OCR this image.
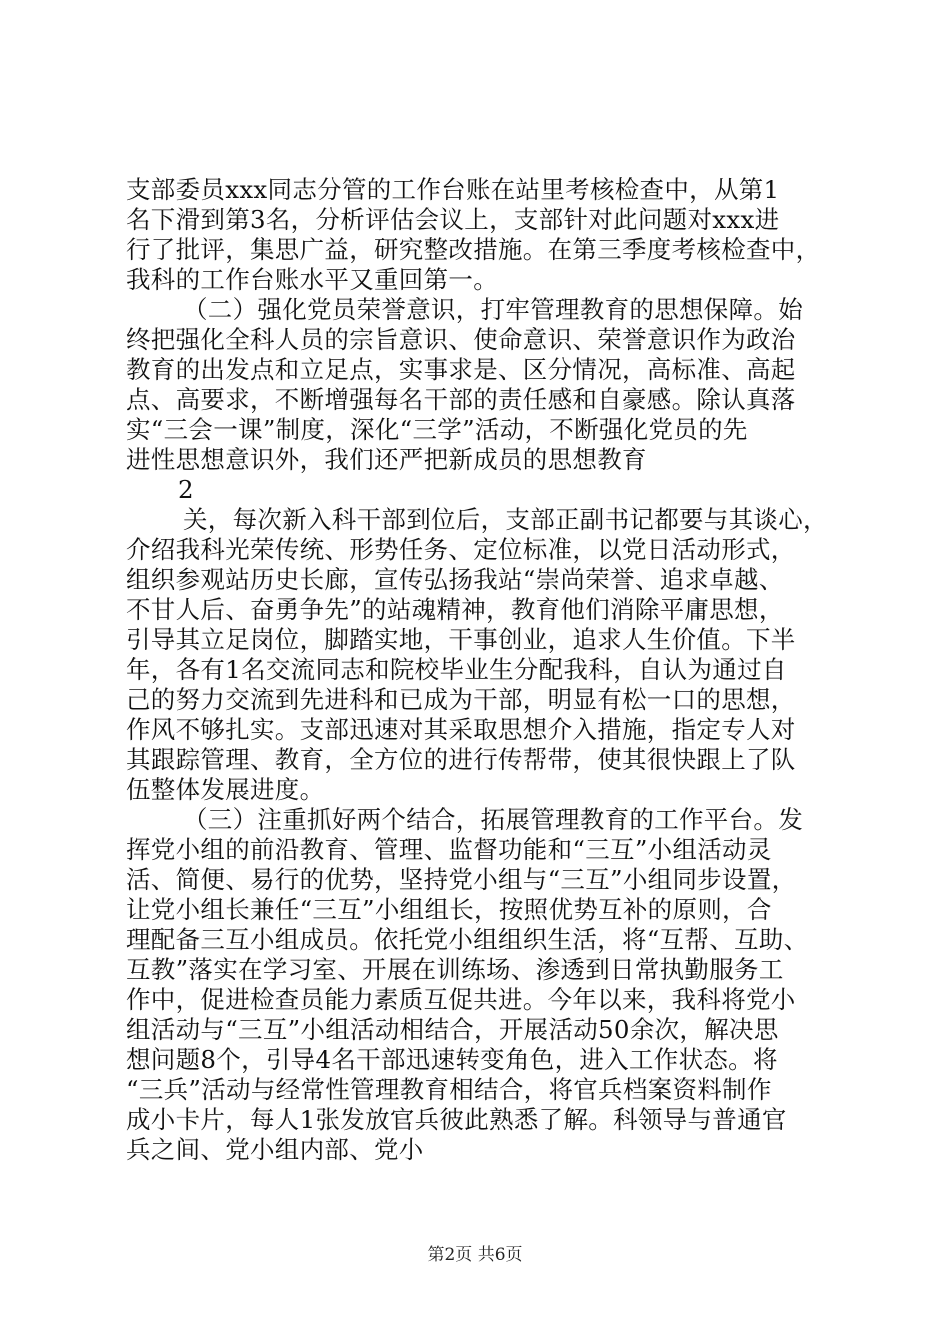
支部委员xxx同志分管的工作台账在站里考核检查中，从第1
名下滑到第3名，分析评估会议上，支部针对此问题对xxx进
行了批评，集思广益，研究整改措施。在第三季度考核检查中，
我科的工作台账水平又重回第一。
（二）强化党员荣誉意识，打牢管理教育的思想保障。始
终把强化全科人员的宗旨意识、使命意识、荣誉意识作为政治
教育的出发点和立足点，实事求是、区分情况，高标准、高起
点、高要求，不断增强每名干部的责任感和自豪感。除认真落
实“三会一课”制度，深化“三学”活动，不断强化党员的先
进性思想意识外，我们还严把新成员的思想教育
2
关，每次新入科干部到位后，支部正副书记都要与其谈心，
介绍我科光荣传统、形势任务、定位标准，以党日活动形式，
组织参观站历史长廊，宣传弘扬我站“崇尚荣誉、追求卓越、
不甘人后、奋勇争先”的站魂精神，教育他们消除平庸思想，
引导其立足岗位，脚踏实地，干事创业，追求人生价值。下半
年，各有1名交流同志和院校毕业生分配我科，自认为通过自
己的努力交流到先进科和已成为干部，明显有松一口的思想，
作风不够扎实。支部迅速对其采取思想介入措施，指定专人对
其跟踪管理、教育，全方位的进行传帮带，使其很快跟上了队
伍整体发展进度。
（三）注重抓好两个结合，拓展管理教育的工作平台。发
挥党小组的前沿教育、管理、监督功能和“三互”小组活动灵
活、简便、易行的优势，坚持党小组与“三互”小组同步设置，
让党小组长兼任“三互”小组组长，按照优势互补的原则，合
理配备三互小组成员。依托党小组组织生活，将“互帮、互助、
互教”落实在学习室、开展在训练场、渗透到日常执勤服务工
作中，促进检查员能力素质互促共进。今年以来，我科将党小
组活动与“三互”小组活动相结合，开展活动50余次，解决思
想问题8个，引导4名干部迅速转变角色，进入工作状态。将
“三兵”活动与经常性管理教育相结合，将官兵档案资料制作
成小卡片，每人1张发放官兵彼此熟悉了解。科领导与普通官
兵之间、党小组内部、党小
第2页 共6页
